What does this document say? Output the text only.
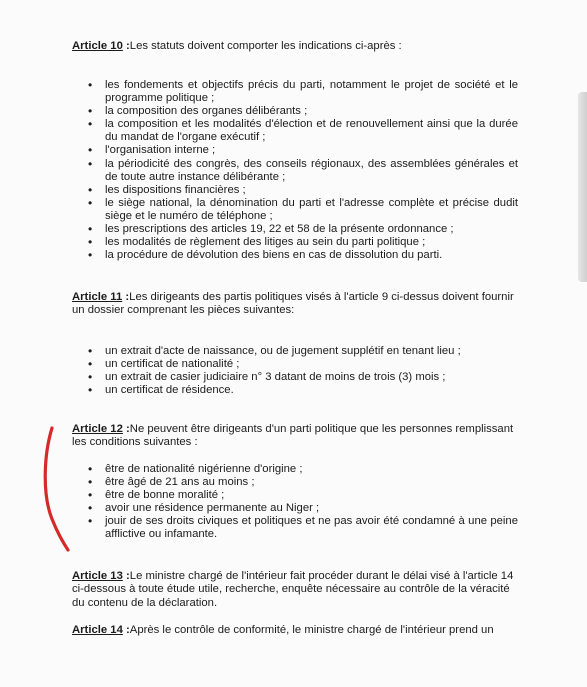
Article 10 :Les statuts doivent comporter les indications ci-après :

• les fondements et objectifs précis du parti, notamment le projet de société et le programme politique ;
• la composition des organes délibérants ;
• la composition et les modalités d'élection et de renouvellement ainsi que la durée du mandat de l'organe exécutif ;
• l'organisation interne ;
• la périodicité des congrès, des conseils régionaux, des assemblées générales et de toute autre instance délibérante ;
• les dispositions financières ;
• le siège national, la dénomination du parti et l'adresse complète et précise dudit siège et le numéro de téléphone ;
• les prescriptions des articles 19, 22 et 58 de la présente ordonnance ;
• les modalités de règlement des litiges au sein du parti politique ;
• la procédure de dévolution des biens en cas de dissolution du parti.

Article 11 :Les dirigeants des partis politiques visés à l'article 9 ci-dessus doivent fournir un dossier comprenant les pièces suivantes:

• un extrait d'acte de naissance, ou de jugement supplétif en tenant lieu ;
• un certificat de nationalité ;
• un extrait de casier judiciaire n° 3 datant de moins de trois (3) mois ;
• un certificat de résidence.

Article 12 :Ne peuvent être dirigeants d'un parti politique que les personnes remplissant les conditions suivantes :

• être de nationalité nigérienne d'origine ;
• être âgé de 21 ans au moins ;
• être de bonne moralité ;
• avoir une résidence permanente au Niger ;
• jouir de ses droits civiques et politiques et ne pas avoir été condamné à une peine afflictive ou infamante.

Article 13 :Le ministre chargé de l'intérieur fait procéder durant le délai visé à l'article 14 ci-dessous à toute étude utile, recherche, enquête nécessaire au contrôle de la véracité du contenu de la déclaration.

Article 14 :Après le contrôle de conformité, le ministre chargé de l'intérieur prend un
